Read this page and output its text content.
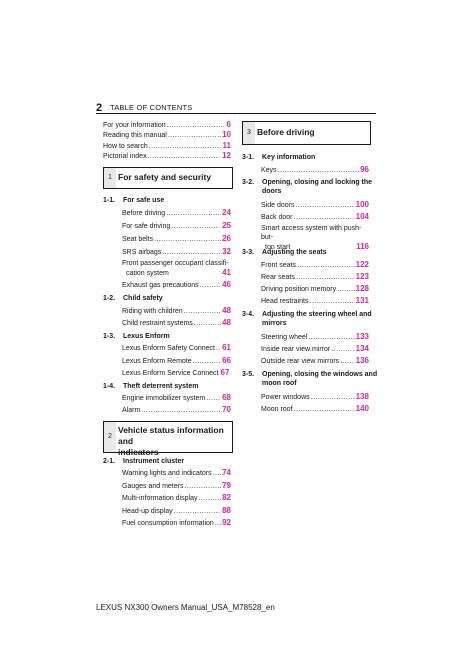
2 TABLE OF CONTENTS
For your information .....	6
Reading this manual .....	10
How to search .....	11
Pictorial index .....	12
1 For safety and security
1-1. For safe use
Before driving .....	24
For safe driving .....	25
Seat belts .....	26
SRS airbags .....	32
Front passenger occupant classifi-
cation system	41
Exhaust gas precautions .....	46
1-2. Child safety
Riding with children .....	48
Child restraint systems .....	48
1-3. Lexus Enform
Lexus Enform Safety Connect ..... 61
Lexus Enform Remote .....	66
Lexus Enform Service Connect 67
1-4. Theft deterrent system
Engine immobilizer system ..... 68
Alarm .....	70
2
Vehicle status information and
indicators
2-1. Instrument cluster
Warning lights and indicators ..... 74
Gauges and meters .....	79
Multi-information display .....	82
Head-up display .....	88
Fuel consumption information ..... 92
3 Before driving
3-1. Key information
Keys .....	96
3-2. Opening, closing and locking the
doors
Side doors .....	100
Back door .....	104
Smart access system with push-but-
ton start	116
3-3. Adjusting the seats
Front seats .....	122
Rear seats .....	123
Driving position memory ..... 128
Head restraints .....	131
3-4. Adjusting the steering wheel and
mirrors
Steering wheel .....	133
Inside rear view mirror .....	134
Outside rear view mirrors ..... 136
3-5. Opening, closing the windows and
moon roof
Power windows .....	138
Moon roof .....	140
LEXUS NX300 Owners Manual_USA_M78528_en
